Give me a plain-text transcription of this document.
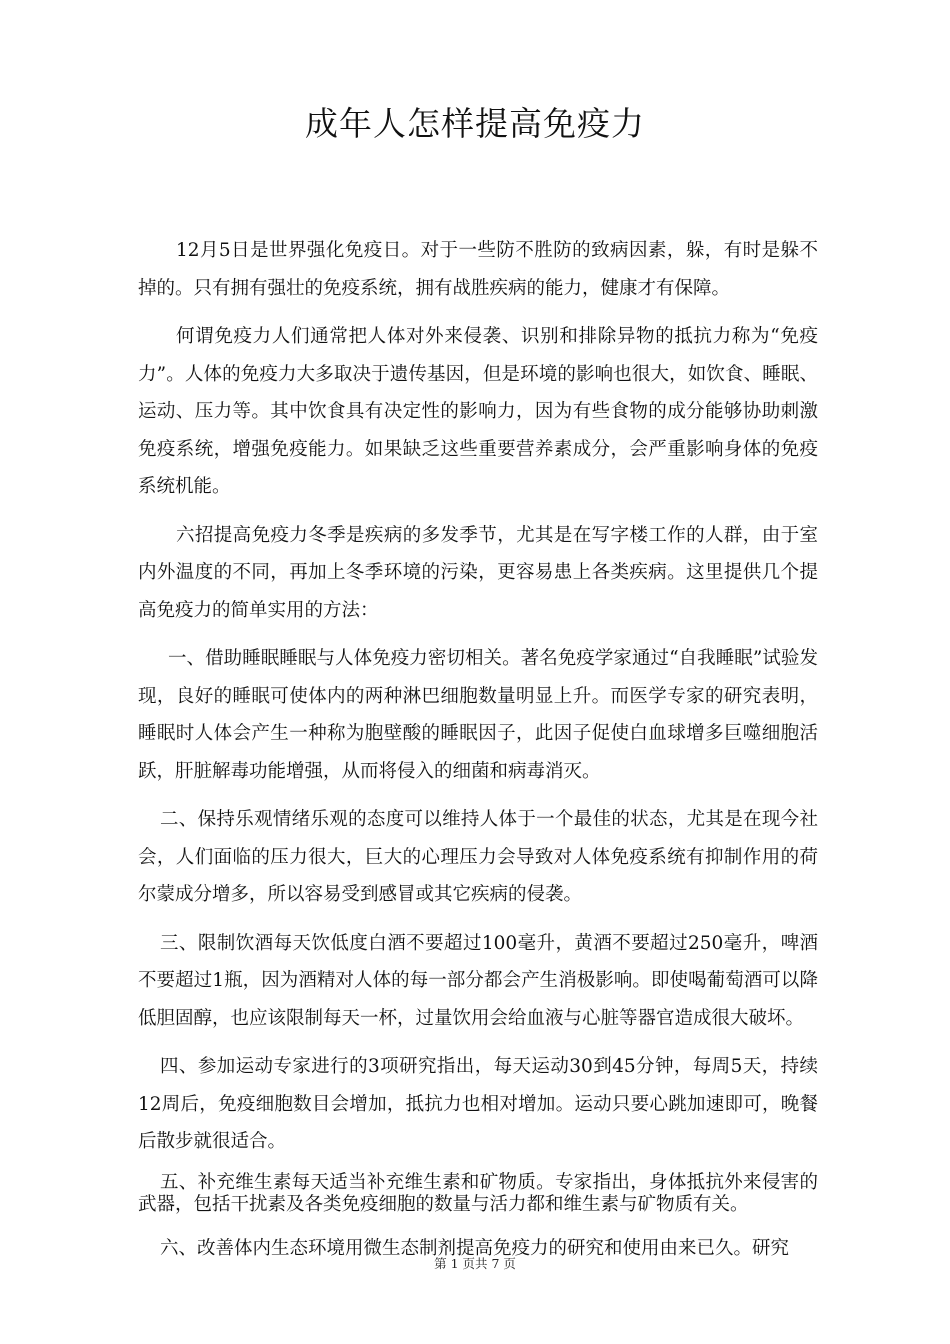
成年人怎样提高免疫力

12月5日是世界强化免疫日。对于一些防不胜防的致病因素，躲，有时是躲不掉的。只有拥有强壮的免疫系统，拥有战胜疾病的能力，健康才有保障。

何谓免疫力人们通常把人体对外来侵袭、识别和排除异物的抵抗力称为“免疫力”。人体的免疫力大多取决于遗传基因，但是环境的影响也很大，如饮食、睡眠、运动、压力等。其中饮食具有决定性的影响力，因为有些食物的成分能够协助刺激免疫系统，增强免疫能力。如果缺乏这些重要营养素成分，会严重影响身体的免疫系统机能。

六招提高免疫力冬季是疾病的多发季节，尤其是在写字楼工作的人群，由于室内外温度的不同，再加上冬季环境的污染，更容易患上各类疾病。这里提供几个提高免疫力的简单实用的方法：

一、借助睡眠睡眠与人体免疫力密切相关。著名免疫学家通过“自我睡眠”试验发现，良好的睡眠可使体内的两种淋巴细胞数量明显上升。而医学专家的研究表明，睡眠时人体会产生一种称为胞壁酸的睡眠因子，此因子促使白血球增多巨噬细胞活跃，肝脏解毒功能增强，从而将侵入的细菌和病毒消灭。

二、保持乐观情绪乐观的态度可以维持人体于一个最佳的状态，尤其是在现今社会，人们面临的压力很大，巨大的心理压力会导致对人体免疫系统有抑制作用的荷尔蒙成分增多，所以容易受到感冒或其它疾病的侵袭。

三、限制饮酒每天饮低度白酒不要超过100毫升，黄酒不要超过250毫升，啤酒不要超过1瓶，因为酒精对人体的每一部分都会产生消极影响。即使喝葡萄酒可以降低胆固醇，也应该限制每天一杯，过量饮用会给血液与心脏等器官造成很大破坏。

四、参加运动专家进行的3项研究指出，每天运动30到45分钟，每周5天，持续12周后，免疫细胞数目会增加，抵抗力也相对增加。运动只要心跳加速即可，晚餐后散步就很适合。

五、补充维生素每天适当补充维生素和矿物质。专家指出，身体抵抗外来侵害的武器，包括干扰素及各类免疫细胞的数量与活力都和维生素与矿物质有关。

六、改善体内生态环境用微生态制剂提高免疫力的研究和使用由来已久。研究

第 1 页共 7 页
